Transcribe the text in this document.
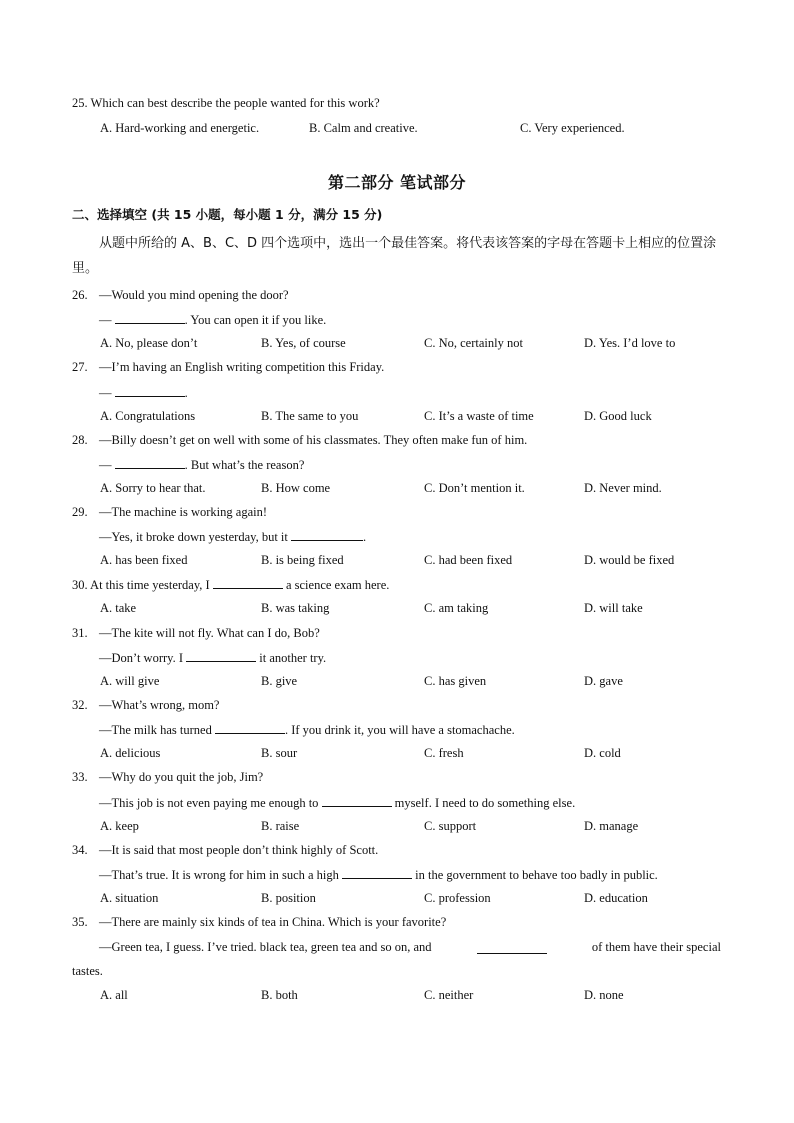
25. Which can best describe the people wanted for this work?
A. Hard-working and energetic.	B. Calm and creative.	C. Very experienced.
第二部分 笔试部分
二、选择填空 (共 15 小题，每小题 1 分，满分 15 分)
从题中所给的 A、B、C、D 四个选项中，选出一个最佳答案。将代表该答案的字母在答题卡上相应的位置涂里。
26. —Would you mind opening the door?
—	. You can open it if you like.
A. No, please don’t	B. Yes, of course	C. No, certainly not	D. Yes. I’d love to
27. —I’m having an English writing competition this Friday.
—	.
A. Congratulations	B. The same to you	C. It’s a waste of time	D. Good luck
28. —Billy doesn’t get on well with some of his classmates. They often make fun of him.
—	. But what’s the reason?
A. Sorry to hear that.	B. How come	C. Don’t mention it.	D. Never mind.
29. —The machine is working again!
—Yes, it broke down yesterday, but it	.
A. has been fixed	B. is being fixed	C. had been fixed	D. would be fixed
30. At this time yesterday, I	a science exam here.
A. take	B. was taking	C. am taking	D. will take
31. —The kite will not fly. What can I do, Bob?
—Don’t worry. I	it another try.
A. will give	B. give	C. has given	D. gave
32. —What’s wrong, mom?
—The milk has turned	. If you drink it, you will have a stomachache.
A. delicious	B. sour	C. fresh	D. cold
33. —Why do you quit the job, Jim?
—This job is not even paying me enough to	myself. I need to do something else.
A. keep	B. raise	C. support	D. manage
34. —It is said that most people don’t think highly of Scott.
—That’s true. It is wrong for him in such a high	in the government to behave too badly in public.
A. situation	B. position	C. profession	D. education
35. —There are mainly six kinds of tea in China. Which is your favorite?
—Green tea, I guess. I’ve tried. black tea, green tea and so on, and	of them have their special
tastes.
A. all	B. both	C. neither	D. none
